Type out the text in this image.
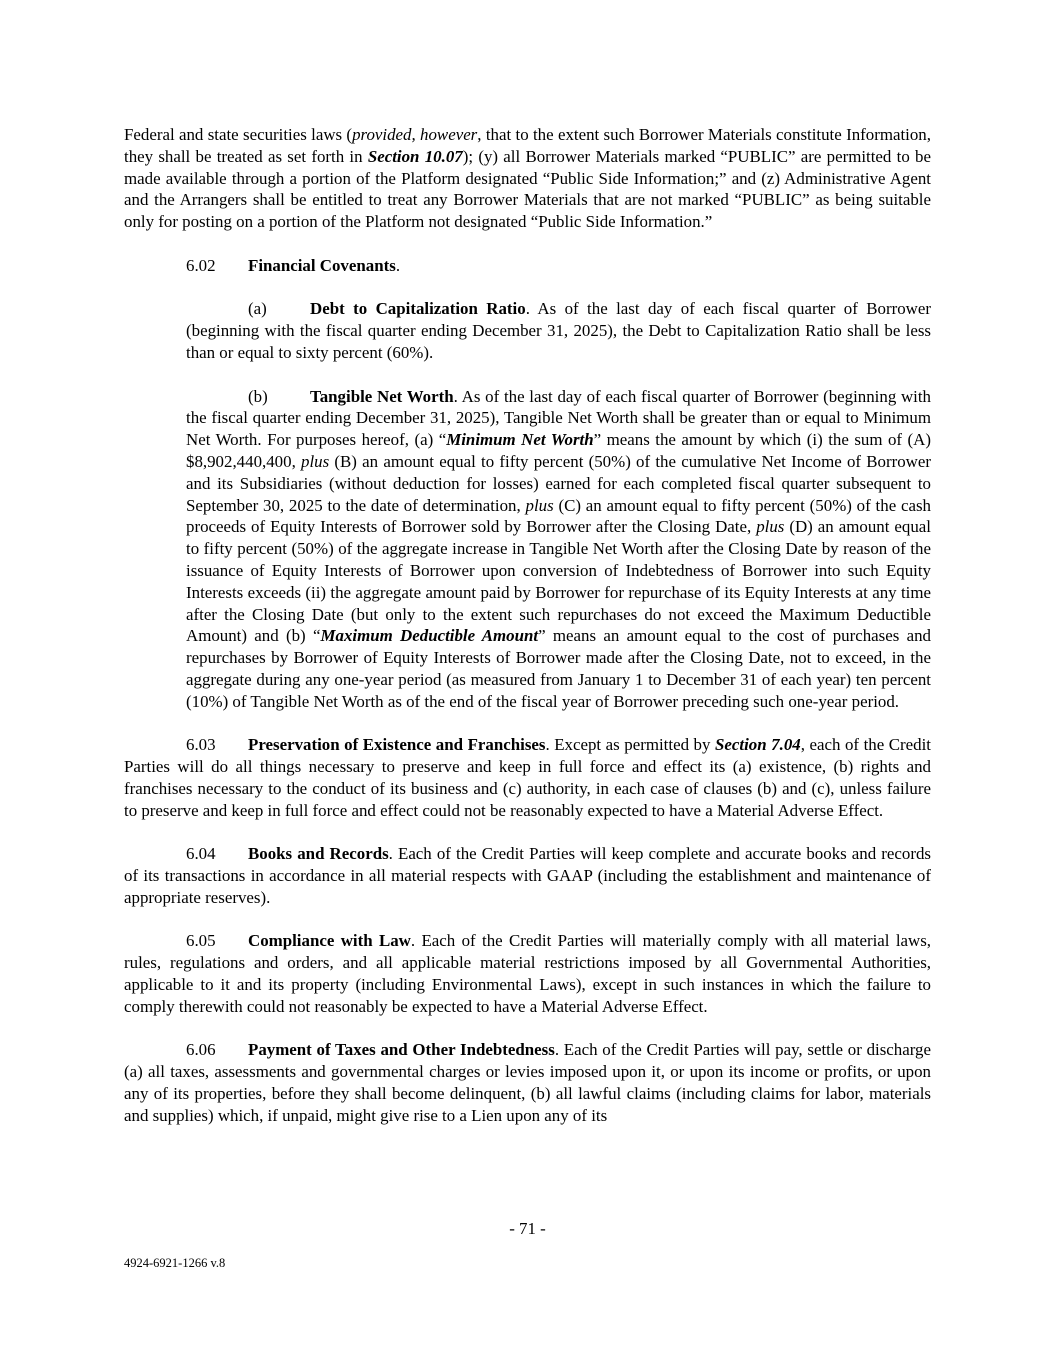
Federal and state securities laws (provided, however, that to the extent such Borrower Materials constitute Information, they shall be treated as set forth in Section 10.07); (y) all Borrower Materials marked “PUBLIC” are permitted to be made available through a portion of the Platform designated “Public Side Information;” and (z) Administrative Agent and the Arrangers shall be entitled to treat any Borrower Materials that are not marked “PUBLIC” as being suitable only for posting on a portion of the Platform not designated “Public Side Information.”

6.02 Financial Covenants.

(a)	Debt to Capitalization Ratio. As of the last day of each fiscal quarter of Borrower (beginning with the fiscal quarter ending December 31, 2025), the Debt to Capitalization Ratio shall be less than or equal to sixty percent (60%).

(b)	Tangible Net Worth. As of the last day of each fiscal quarter of Borrower (beginning with the fiscal quarter ending December 31, 2025), Tangible Net Worth shall be greater than or equal to Minimum Net Worth. For purposes hereof, (a) “Minimum Net Worth” means the amount by which (i) the sum of (A) $8,902,440,400, plus (B) an amount equal to fifty percent (50%) of the cumulative Net Income of Borrower and its Subsidiaries (without deduction for losses) earned for each completed fiscal quarter subsequent to September 30, 2025 to the date of determination, plus (C) an amount equal to fifty percent (50%) of the cash proceeds of Equity Interests of Borrower sold by Borrower after the Closing Date, plus (D) an amount equal to fifty percent (50%) of the aggregate increase in Tangible Net Worth after the Closing Date by reason of the issuance of Equity Interests of Borrower upon conversion of Indebtedness of Borrower into such Equity Interests exceeds (ii) the aggregate amount paid by Borrower for repurchase of its Equity Interests at any time after the Closing Date (but only to the extent such repurchases do not exceed the Maximum Deductible Amount) and (b) “Maximum Deductible Amount” means an amount equal to the cost of purchases and repurchases by Borrower of Equity Interests of Borrower made after the Closing Date, not to exceed, in the aggregate during any one-year period (as measured from January 1 to December 31 of each year) ten percent (10%) of Tangible Net Worth as of the end of the fiscal year of Borrower preceding such one-year period.

6.03 Preservation of Existence and Franchises. Except as permitted by Section 7.04, each of the Credit Parties will do all things necessary to preserve and keep in full force and effect its (a) existence, (b) rights and franchises necessary to the conduct of its business and (c) authority, in each case of clauses (b) and (c), unless failure to preserve and keep in full force and effect could not be reasonably expected to have a Material Adverse Effect.

6.04 Books and Records. Each of the Credit Parties will keep complete and accurate books and records of its transactions in accordance in all material respects with GAAP (including the establishment and maintenance of appropriate reserves).

6.05 Compliance with Law. Each of the Credit Parties will materially comply with all material laws, rules, regulations and orders, and all applicable material restrictions imposed by all Governmental Authorities, applicable to it and its property (including Environmental Laws), except in such instances in which the failure to comply therewith could not reasonably be expected to have a Material Adverse Effect.

6.06 Payment of Taxes and Other Indebtedness. Each of the Credit Parties will pay, settle or discharge (a) all taxes, assessments and governmental charges or levies imposed upon it, or upon its income or profits, or upon any of its properties, before they shall become delinquent, (b) all lawful claims (including claims for labor, materials and supplies) which, if unpaid, might give rise to a Lien upon any of its

- 71 -
4924-6921-1266 v.8
